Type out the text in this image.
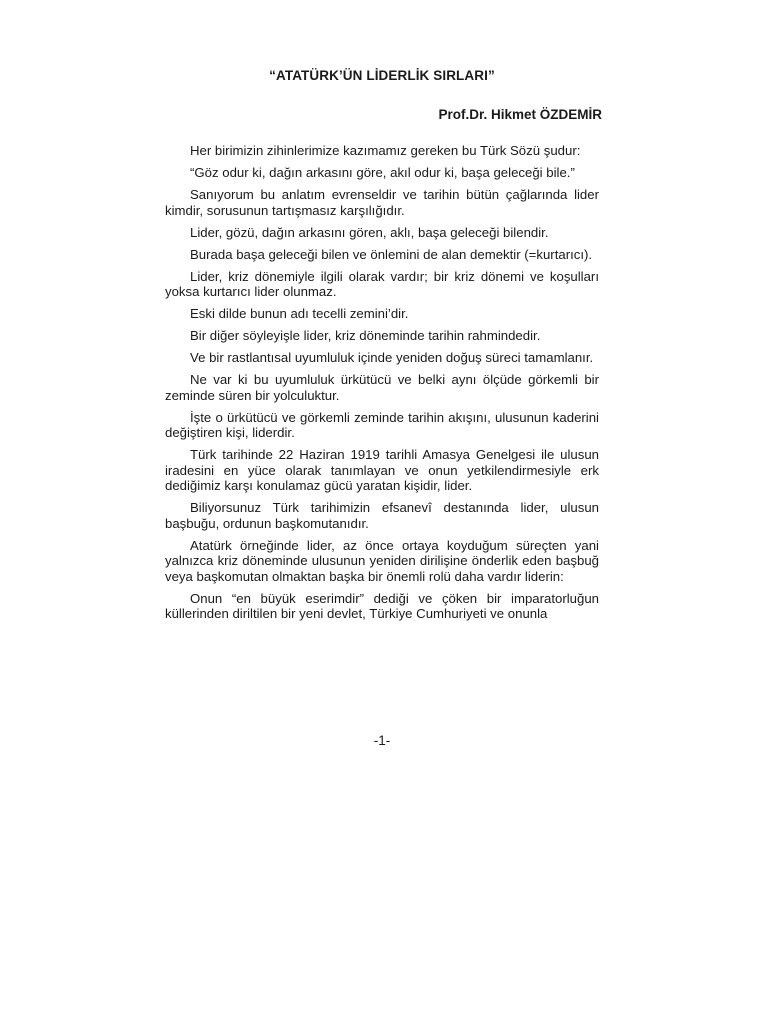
“ATATÜRK’ÜN LİDERLİK SIRLARI”
Prof.Dr. Hikmet ÖZDEMİR

Her birimizin zihinlerimize kazımamız gereken bu Türk Sözü şudur:

“Göz odur ki, dağın arkasını göre, akıl odur ki, başa geleceği bile.”

Sanıyorum bu anlatım evrenseldir ve tarihin bütün çağlarında lider kimdir, sorusunun tartışmasız karşılığıdır.

Lider, gözü, dağın arkasını gören, aklı, başa geleceği bilendir.

Burada başa geleceği bilen ve önlemini de alan demektir (=kurtarıcı).

Lider, kriz dönemiyle ilgili olarak vardır; bir kriz dönemi ve koşulları yoksa kurtarıcı lider olunmaz.

Eski dilde bunun adı tecelli zemini’dir.

Bir diğer söyleyişle lider, kriz döneminde tarihin rahmindedir.

Ve bir rastlantısal uyumluluk içinde yeniden doğuş süreci tamamlanır.

Ne var ki bu uyumluluk ürkütücü ve belki aynı ölçüde görkemli bir zeminde süren bir yolculuktur.

İşte o ürkütücü ve görkemli zeminde tarihin akışını, ulusunun kaderini değiştiren kişi, liderdir.

Türk tarihinde 22 Haziran 1919 tarihli Amasya Genelgesi ile ulusun iradesini en yüce olarak tanımlayan ve onun yetkilendirmesiyle erk dediğimiz karşı konulamaz gücü yaratan kişidir, lider.

Biliyorsunuz Türk tarihimizin efsanevî destanında lider, ulusun başbuğu, ordunun başkomutanıdır.

Atatürk örneğinde lider, az önce ortaya koyduğum süreçten yani yalnızca kriz döneminde ulusunun yeniden dirilişine önderlik eden başbuğ veya başkomutan olmaktan başka bir önemli rolü daha vardır liderin:

Onun “en büyük eserimdir” dediği ve çöken bir imparatorluğun küllerinden diriltilen bir yeni devlet, Türkiye Cumhuriyeti ve onunla

-1-
